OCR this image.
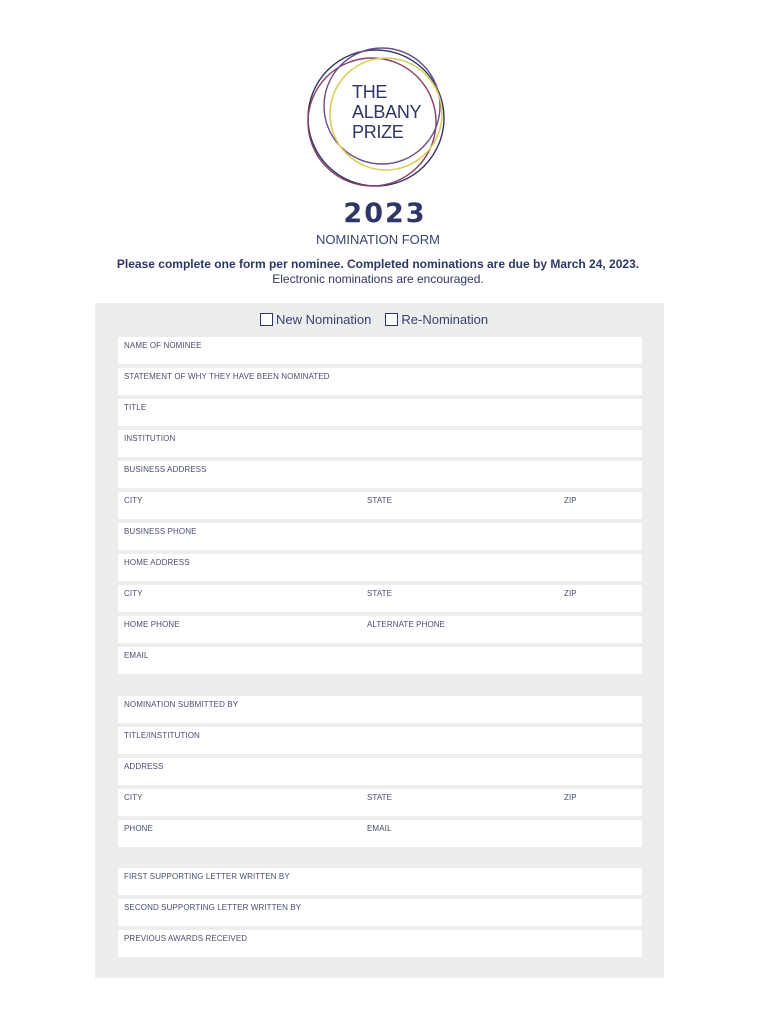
THE
ALBANY
PRIZE
2023
NOMINATION FORM
Please complete one form per nominee. Completed nominations are due by March 24, 2023.
Electronic nominations are encouraged.
New Nomination Re-Nomination
NAME OF NOMINEE
STATEMENT OF WHY THEY HAVE BEEN NOMINATED
TITLE
INSTITUTION
BUSINESS ADDRESS
CITY	STATE	ZIP
BUSINESS PHONE
HOME ADDRESS
CITY	STATE	ZIP
HOME PHONE	ALTERNATE PHONE
EMAIL
NOMINATION SUBMITTED BY
TITLE/INSTITUTION
ADDRESS
CITY	STATE	ZIP
PHONE	EMAIL
FIRST SUPPORTING LETTER WRITTEN BY
SECOND SUPPORTING LETTER WRITTEN BY
PREVIOUS AWARDS RECEIVED
